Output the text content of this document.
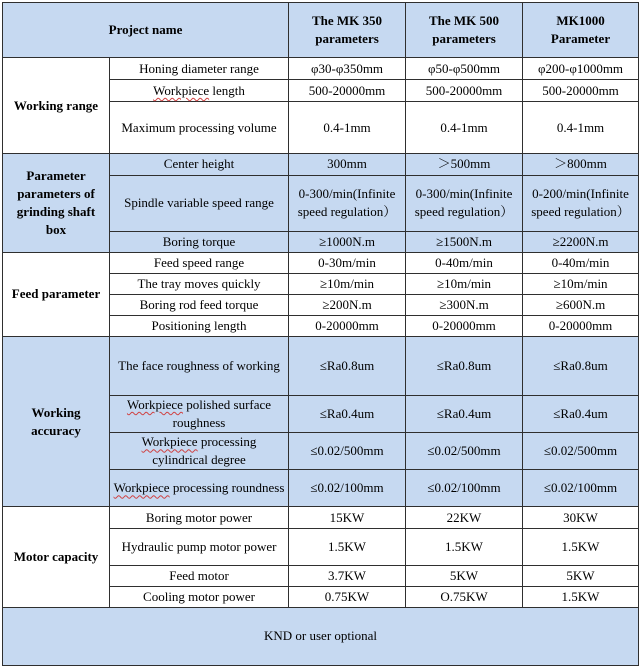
Project name		The MK 350 parameters	The MK 500 parameters	MK1000 Parameter
Working range	Honing diameter range	φ30-φ350mm	φ50-φ500mm	φ200-φ1000mm
	Workpiece length	500-20000mm	500-20000mm	500-20000mm
	Maximum processing volume	0.4-1mm	0.4-1mm	0.4-1mm
Parameter parameters of grinding shaft box	Center height	300mm	＞500mm	＞800mm
	Spindle variable speed range	0-300/min(Infinite speed regulation）	0-300/min(Infinite speed regulation）	0-200/min(Infinite speed regulation）
	Boring torque	≥1000N.m	≥1500N.m	≥2200N.m
Feed parameter	Feed speed range	0-30m/min	0-40m/min	0-40m/min
	The tray moves quickly	≥10m/min	≥10m/min	≥10m/min
	Boring rod feed torque	≥200N.m	≥300N.m	≥600N.m
	Positioning length	0-20000mm	0-20000mm	0-20000mm
Working accuracy	The face roughness of working	≤Ra0.8um	≤Ra0.8um	≤Ra0.8um
	Workpiece polished surface roughness	≤Ra0.4um	≤Ra0.4um	≤Ra0.4um
	Workpiece processing cylindrical degree	≤0.02/500mm	≤0.02/500mm	≤0.02/500mm
	Workpiece processing roundness	≤0.02/100mm	≤0.02/100mm	≤0.02/100mm
Motor capacity	Boring motor power	15KW	22KW	30KW
	Hydraulic pump motor power	1.5KW	1.5KW	1.5KW
	Feed motor	3.7KW	5KW	5KW
	Cooling motor power	0.75KW	O.75KW	1.5KW
KND or user optional				
